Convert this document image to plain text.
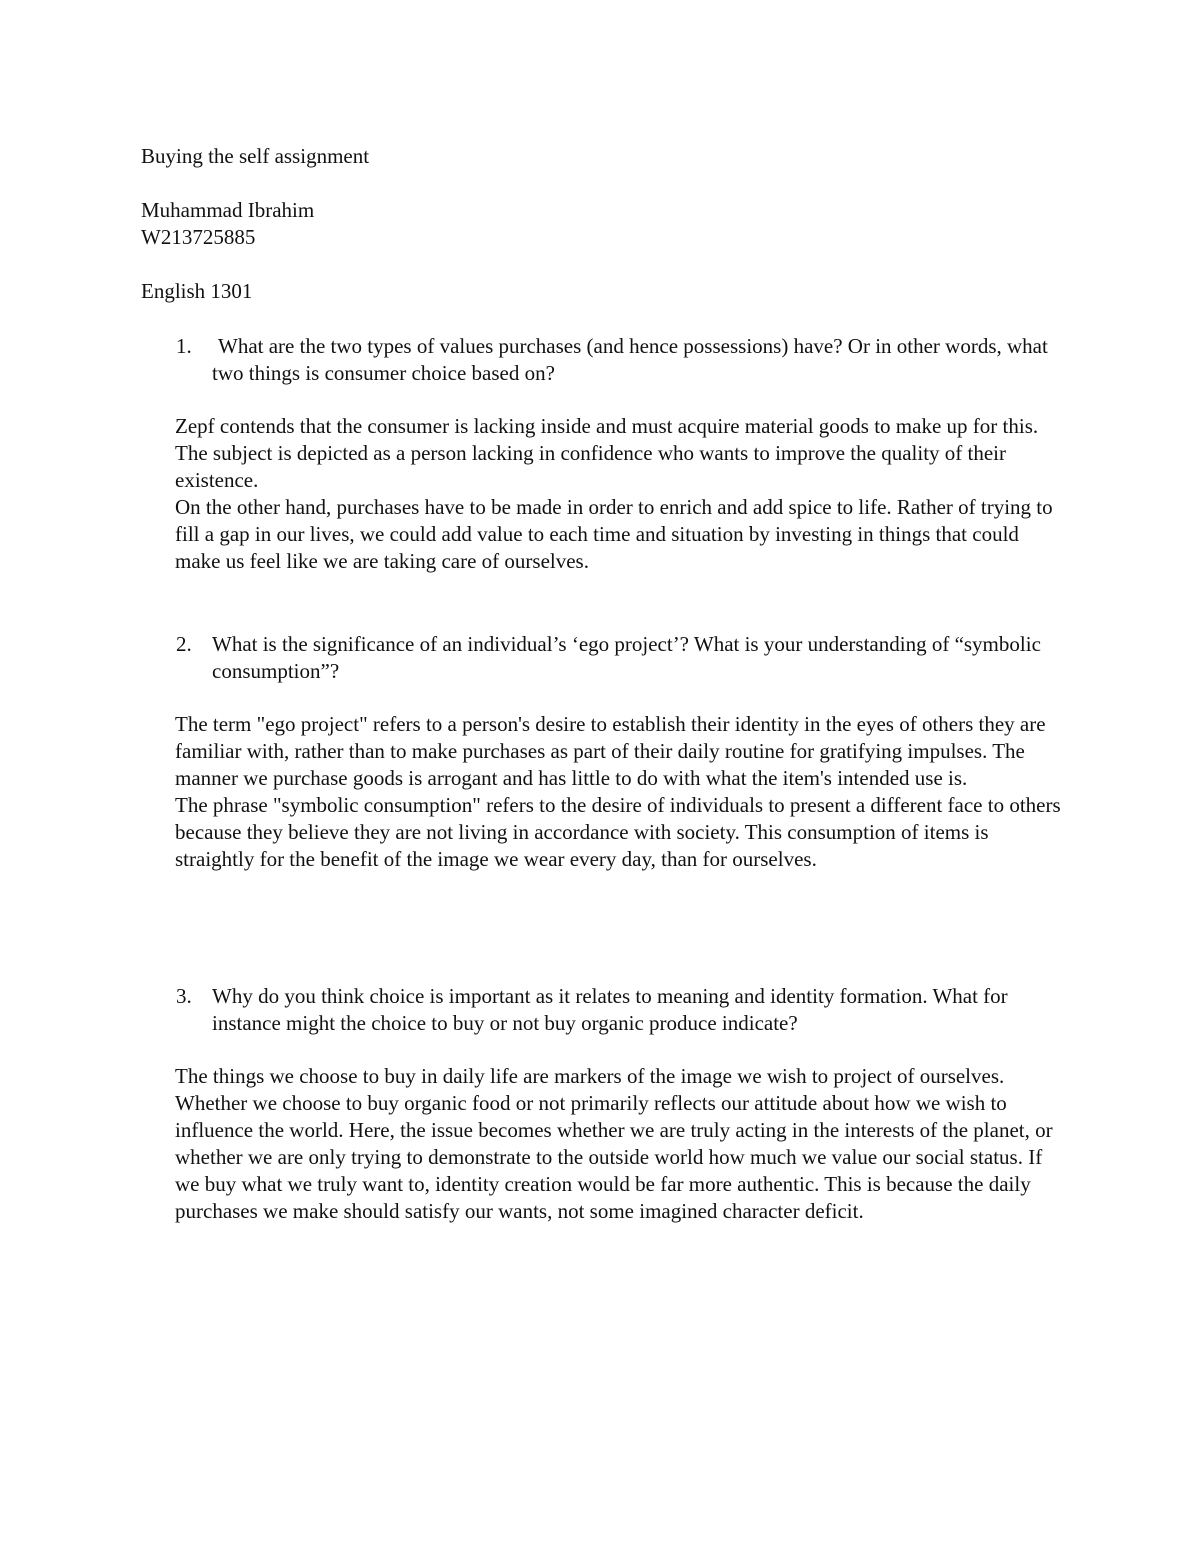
Buying the self assignment
Muhammad Ibrahim
W213725885
English 1301
1. What are the two types of values purchases (and hence possessions) have? Or in other words, what two things is consumer choice based on?

Zepf contends that the consumer is lacking inside and must acquire material goods to make up for this. The subject is depicted as a person lacking in confidence who wants to improve the quality of their existence.

On the other hand, purchases have to be made in order to enrich and add spice to life. Rather of trying to fill a gap in our lives, we could add value to each time and situation by investing in things that could make us feel like we are taking care of ourselves.

2. What is the significance of an individual’s ‘ego project’? What is your understanding of “symbolic consumption”?

The term "ego project" refers to a person's desire to establish their identity in the eyes of others they are familiar with, rather than to make purchases as part of their daily routine for gratifying impulses. The manner we purchase goods is arrogant and has little to do with what the item's intended use is.

The phrase "symbolic consumption" refers to the desire of individuals to present a different face to others because they believe they are not living in accordance with society. This consumption of items is straightly for the benefit of the image we wear every day, than for ourselves.

3. Why do you think choice is important as it relates to meaning and identity formation. What for instance might the choice to buy or not buy organic produce indicate?

The things we choose to buy in daily life are markers of the image we wish to project of ourselves. Whether we choose to buy organic food or not primarily reflects our attitude about how we wish to influence the world. Here, the issue becomes whether we are truly acting in the interests of the planet, or whether we are only trying to demonstrate to the outside world how much we value our social status. If we buy what we truly want to, identity creation would be far more authentic. This is because the daily purchases we make should satisfy our wants, not some imagined character deficit.
